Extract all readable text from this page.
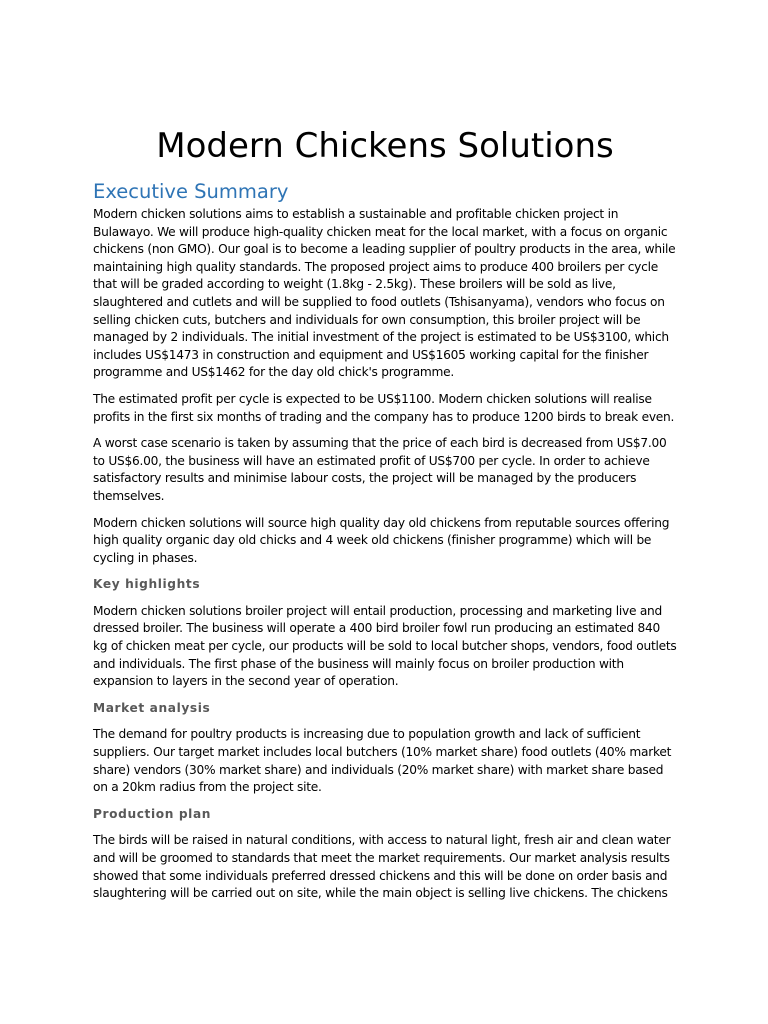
Modern Chickens Solutions
Executive Summary

Modern chicken solutions aims to establish a sustainable and profitable chicken project in Bulawayo. We will produce high-quality chicken meat for the local market, with a focus on organic chickens (non GMO). Our goal is to become a leading supplier of poultry products in the area, while maintaining high quality standards. The proposed project aims to produce 400 broilers per cycle that will be graded according to weight (1.8kg - 2.5kg). These broilers will be sold as live, slaughtered and cutlets and will be supplied to food outlets (Tshisanyama), vendors who focus on selling chicken cuts, butchers and individuals for own consumption, this broiler project will be managed by 2 individuals. The initial investment of the project is estimated to be US$3100, which includes US$1473 in construction and equipment and US$1605 working capital for the finisher programme and US$1462 for the day old chick's programme.

The estimated profit per cycle is expected to be US$1100. Modern chicken solutions will realise profits in the first six months of trading and the company has to produce 1200 birds to break even.

A worst case scenario is taken by assuming that the price of each bird is decreased from US$7.00 to US$6.00, the business will have an estimated profit of US$700 per cycle. In order to achieve satisfactory results and minimise labour costs, the project will be managed by the producers themselves.

Modern chicken solutions will source high quality day old chickens from reputable sources offering high quality organic day old chicks and 4 week old chickens (finisher programme) which will be cycling in phases.

Key highlights

Modern chicken solutions broiler project will entail production, processing and marketing live and dressed broiler. The business will operate a 400 bird broiler fowl run producing an estimated 840 kg of chicken meat per cycle, our products will be sold to local butcher shops, vendors, food outlets and individuals. The first phase of the business will mainly focus on broiler production with expansion to layers in the second year of operation.

Market analysis

The demand for poultry products is increasing due to population growth and lack of sufficient suppliers. Our target market includes local butchers (10% market share) food outlets (40% market share) vendors (30% market share) and individuals (20% market share) with market share based on a 20km radius from the project site.

Production plan

The birds will be raised in natural conditions, with access to natural light, fresh air and clean water and will be groomed to standards that meet the market requirements. Our market analysis results showed that some individuals preferred dressed chickens and this will be done on order basis and slaughtering will be carried out on site, while the main object is selling live chickens. The chickens
